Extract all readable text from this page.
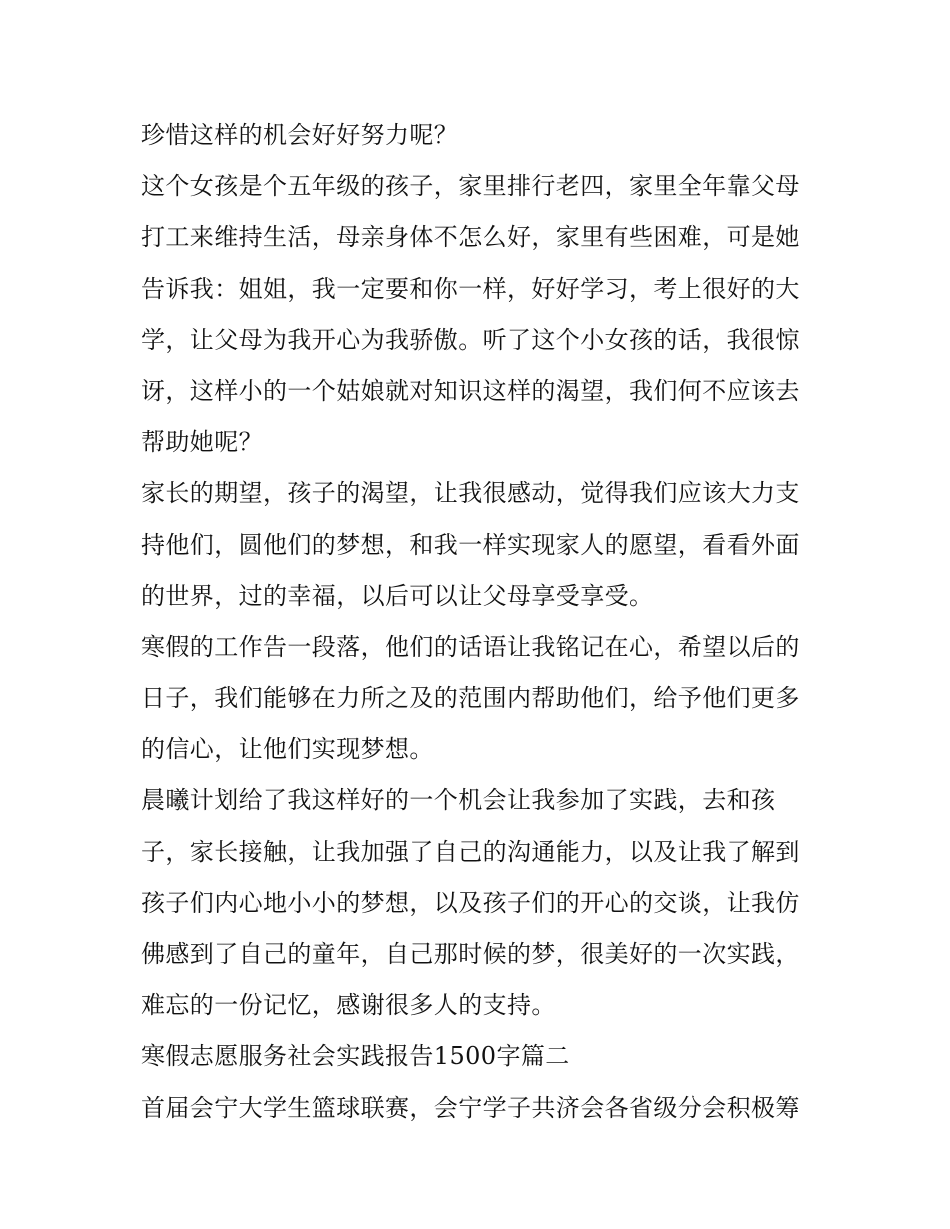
珍惜这样的机会好好努力呢？
这个女孩是个五年级的孩子，家里排行老四，家里全年靠父母
打工来维持生活，母亲身体不怎么好，家里有些困难，可是她
告诉我：姐姐，我一定要和你一样，好好学习，考上很好的大
学，让父母为我开心为我骄傲。听了这个小女孩的话，我很惊
讶，这样小的一个姑娘就对知识这样的渴望，我们何不应该去
帮助她呢？
家长的期望，孩子的渴望，让我很感动，觉得我们应该大力支
持他们，圆他们的梦想，和我一样实现家人的愿望，看看外面
的世界，过的幸福，以后可以让父母享受享受。
寒假的工作告一段落，他们的话语让我铭记在心，希望以后的
日子，我们能够在力所之及的范围内帮助他们，给予他们更多
的信心，让他们实现梦想。
晨曦计划给了我这样好的一个机会让我参加了实践，去和孩
子，家长接触，让我加强了自己的沟通能力，以及让我了解到
孩子们内心地小小的梦想，以及孩子们的开心的交谈，让我仿
佛感到了自己的童年，自己那时候的梦，很美好的一次实践，
难忘的一份记忆，感谢很多人的支持。
寒假志愿服务社会实践报告1500字篇二
首届会宁大学生篮球联赛，会宁学子共济会各省级分会积极筹
